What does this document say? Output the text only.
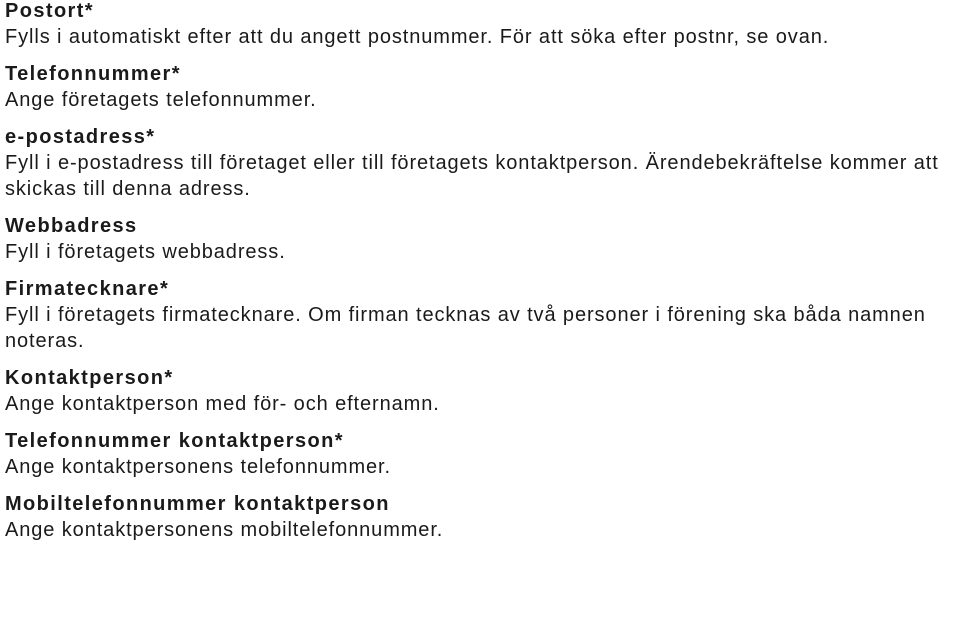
Postort*

Fylls i automatiskt efter att du angett postnummer. För att söka efter postnr, se ovan.

Telefonnummer*

Ange företagets telefonnummer.

e-postadress*

Fyll i e-postadress till företaget eller till företagets kontaktperson. Ärendebekräftelse kommer att skickas till denna adress.

Webbadress

Fyll i företagets webbadress.

Firmatecknare*

Fyll i företagets firmatecknare. Om firman tecknas av två personer i förening ska båda namnen noteras.

Kontaktperson*

Ange kontaktperson med för- och efternamn.

Telefonnummer kontaktperson*

Ange kontaktpersonens telefonnummer.

Mobiltelefonnummer kontaktperson

Ange kontaktpersonens mobiltelefonnummer.
